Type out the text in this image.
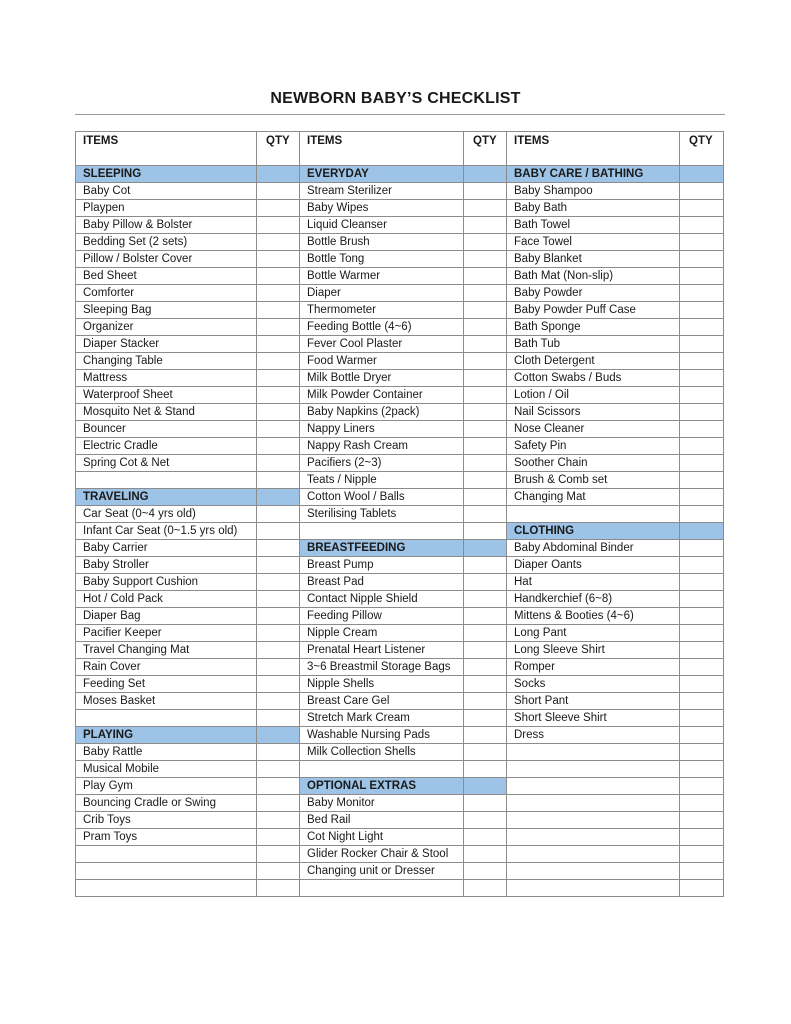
NEWBORN BABY’S CHECKLIST
ITEMS	QTY	ITEMS	QTY	ITEMS	QTY
SLEEPING		EVERYDAY		BABY CARE / BATHING	
Baby Cot		Stream Sterilizer		Baby Shampoo	
Playpen		Baby Wipes		Baby Bath	
Baby Pillow & Bolster		Liquid Cleanser		Bath Towel	
Bedding Set (2 sets)		Bottle Brush		Face Towel	
Pillow / Bolster Cover		Bottle Tong		Baby Blanket	
Bed Sheet		Bottle Warmer		Bath Mat (Non-slip)	
Comforter		Diaper		Baby Powder	
Sleeping Bag		Thermometer		Baby Powder Puff Case	
Organizer		Feeding Bottle (4~6)		Bath Sponge	
Diaper Stacker		Fever Cool Plaster		Bath Tub	
Changing Table		Food Warmer		Cloth Detergent	
Mattress		Milk Bottle Dryer		Cotton Swabs / Buds	
Waterproof Sheet		Milk Powder Container		Lotion / Oil	
Mosquito Net & Stand		Baby Napkins (2pack)		Nail Scissors	
Bouncer		Nappy Liners		Nose Cleaner	
Electric Cradle		Nappy Rash Cream		Safety Pin	
Spring Cot & Net		Pacifiers (2~3)		Soother Chain	
		Teats / Nipple		Brush & Comb set	
TRAVELING		Cotton Wool / Balls		Changing Mat	
Car Seat (0~4 yrs old)		Sterilising Tablets			
Infant Car Seat (0~1.5 yrs old)				CLOTHING	
Baby Carrier		BREASTFEEDING		Baby Abdominal Binder	
Baby Stroller		Breast Pump		Diaper Oants	
Baby Support Cushion		Breast Pad		Hat	
Hot / Cold Pack		Contact Nipple Shield		Handkerchief (6~8)	
Diaper Bag		Feeding Pillow		Mittens & Booties (4~6)	
Pacifier Keeper		Nipple Cream		Long Pant	
Travel Changing Mat		Prenatal Heart Listener		Long Sleeve Shirt	
Rain Cover		3~6 Breastmil Storage Bags		Romper	
Feeding Set		Nipple Shells		Socks	
Moses Basket		Breast Care Gel		Short Pant	
		Stretch Mark Cream		Short Sleeve Shirt	
PLAYING		Washable Nursing Pads		Dress	
Baby Rattle		Milk Collection Shells			
Musical Mobile					
Play Gym		OPTIONAL EXTRAS			
Bouncing Cradle or Swing		Baby Monitor			
Crib Toys		Bed Rail			
Pram Toys		Cot Night Light			
		Glider Rocker Chair & Stool			
		Changing unit or Dresser			
